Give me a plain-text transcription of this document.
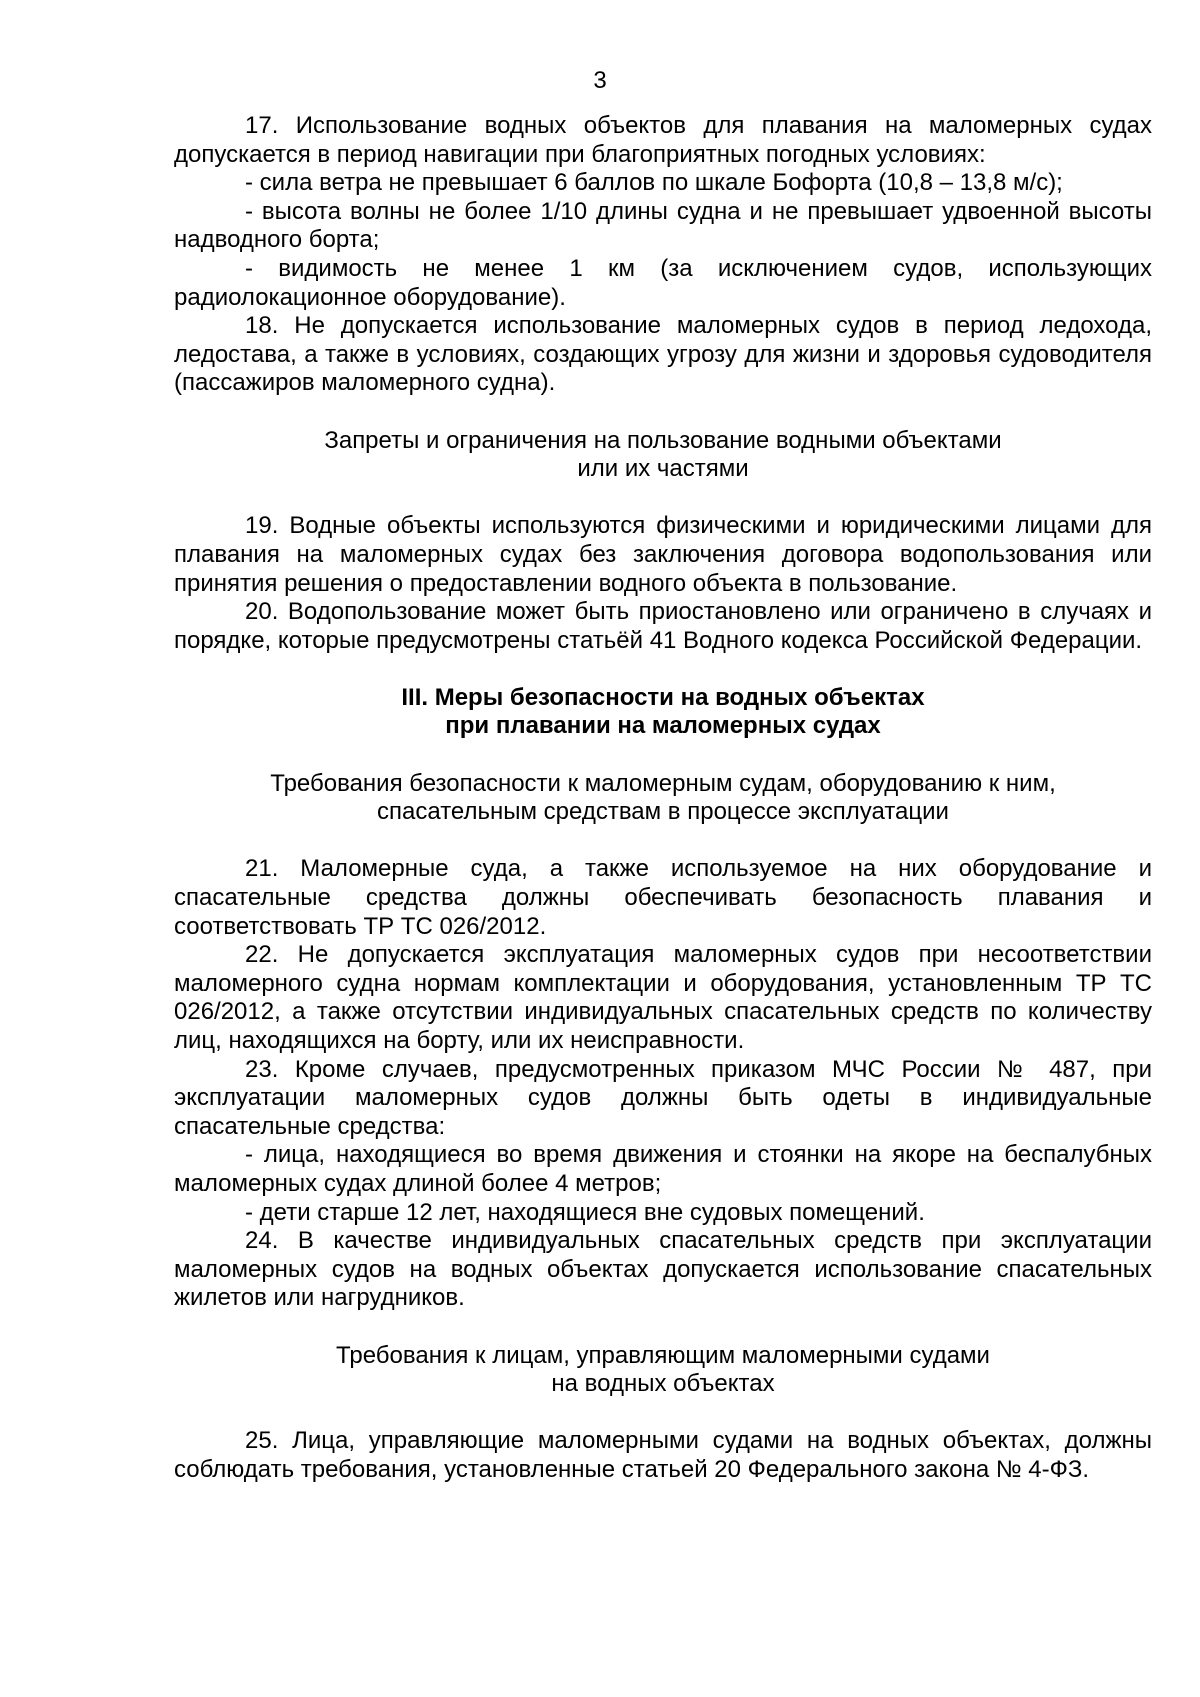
3

17. Использование водных объектов для плавания на маломерных судах допускается в период навигации при благоприятных погодных условиях:

- сила ветра не превышает 6 баллов по шкале Бофорта (10,8 – 13,8 м/с);

- высота волны не более 1/10 длины судна и не превышает удвоенной высоты надводного борта;

- видимость не менее 1 км (за исключением судов, использующих радиолокационное оборудование).

18. Не допускается использование маломерных судов в период ледохода, ледостава, а также в условиях, создающих угрозу для жизни и здоровья судоводителя (пассажиров маломерного судна).

Запреты и ограничения на пользование водными объектами
или их частями

19. Водные объекты используются физическими и юридическими лицами для плавания на маломерных судах без заключения договора водопользования или принятия решения о предоставлении водного объекта в пользование.

20. Водопользование может быть приостановлено или ограничено в случаях и порядке, которые предусмотрены статьёй 41 Водного кодекса Российской Федерации.

III. Меры безопасности на водных объектах
при плавании на маломерных судах
Требования безопасности к маломерным судам, оборудованию к ним,
спасательным средствам в процессе эксплуатации

21. Маломерные суда, а также используемое на них оборудование и спасательные средства должны обеспечивать безопасность плавания и соответствовать ТР ТС 026/2012.

22. Не допускается эксплуатация маломерных судов при несоответствии маломерного судна нормам комплектации и оборудования, установленным ТР ТС 026/2012, а также отсутствии индивидуальных спасательных средств по количеству лиц, находящихся на борту, или их неисправности.

23. Кроме случаев, предусмотренных приказом МЧС России № 487, при эксплуатации маломерных судов должны быть одеты в индивидуальные спасательные средства:

- лица, находящиеся во время движения и стоянки на якоре на беспалубных маломерных судах длиной более 4 метров;

- дети старше 12 лет, находящиеся вне судовых помещений.

24. В качестве индивидуальных спасательных средств при эксплуатации маломерных судов на водных объектах допускается использование спасательных жилетов или нагрудников.

Требования к лицам, управляющим маломерными судами
на водных объектах

25. Лица, управляющие маломерными судами на водных объектах, должны соблюдать требования, установленные статьей 20 Федерального закона № 4-ФЗ.
